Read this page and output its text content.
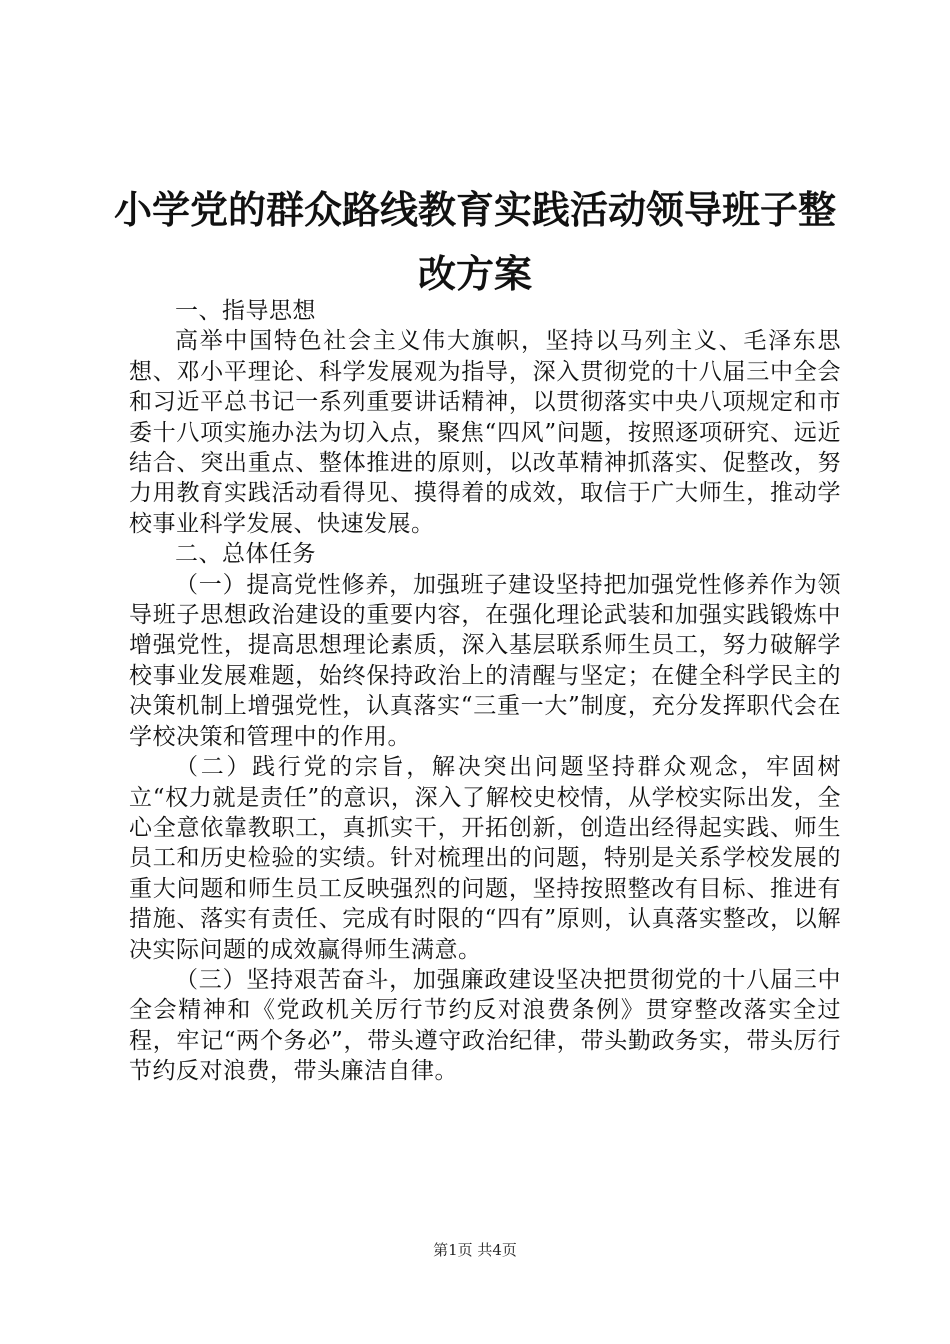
小学党的群众路线教育实践活动领导班子整改方案

一、指导思想

高举中国特色社会主义伟大旗帜，坚持以马列主义、毛泽东思想、邓小平理论、科学发展观为指导，深入贯彻党的十八届三中全会和习近平总书记一系列重要讲话精神，以贯彻落实中央八项规定和市委十八项实施办法为切入点，聚焦“四风”问题，按照逐项研究、远近结合、突出重点、整体推进的原则，以改革精神抓落实、促整改，努力用教育实践活动看得见、摸得着的成效，取信于广大师生，推动学校事业科学发展、快速发展。

二、总体任务

（一）提高党性修养，加强班子建设坚持把加强党性修养作为领导班子思想政治建设的重要内容，在强化理论武装和加强实践锻炼中增强党性，提高思想理论素质，深入基层联系师生员工，努力破解学校事业发展难题，始终保持政治上的清醒与坚定；在健全科学民主的决策机制上增强党性，认真落实“三重一大”制度，充分发挥职代会在学校决策和管理中的作用。

（二）践行党的宗旨，解决突出问题坚持群众观念，牢固树立“权力就是责任”的意识，深入了解校史校情，从学校实际出发，全心全意依靠教职工，真抓实干，开拓创新，创造出经得起实践、师生员工和历史检验的实绩。针对梳理出的问题，特别是关系学校发展的重大问题和师生员工反映强烈的问题，坚持按照整改有目标、推进有措施、落实有责任、完成有时限的“四有”原则，认真落实整改，以解决实际问题的成效赢得师生满意。

（三）坚持艰苦奋斗，加强廉政建设坚决把贯彻党的十八届三中全会精神和《党政机关厉行节约反对浪费条例》贯穿整改落实全过程，牢记“两个务必”，带头遵守政治纪律，带头勤政务实，带头厉行节约反对浪费，带头廉洁自律。

第1页 共4页
